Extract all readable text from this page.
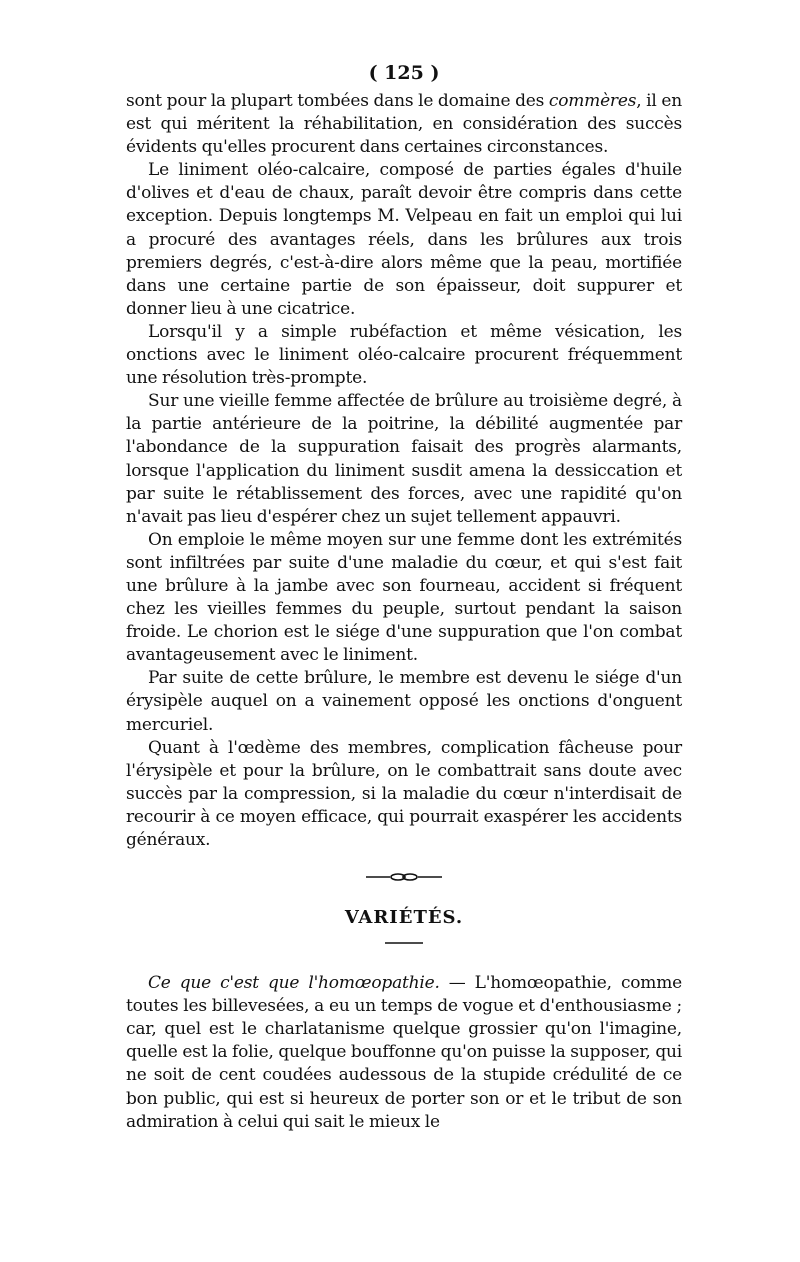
( 125 )

sont pour la plupart tombées dans le domaine des commères, il en est qui méritent la réhabilitation, en considération des succès évidents qu'elles procurent dans certaines circonstances.

Le liniment oléo-calcaire, composé de parties égales d'huile d'olives et d'eau de chaux, paraît devoir être compris dans cette exception. Depuis longtemps M. Velpeau en fait un emploi qui lui a procuré des avantages réels, dans les brûlures aux trois premiers degrés, c'est-à-dire alors même que la peau, mortifiée dans une certaine partie de son épaisseur, doit suppurer et donner lieu à une cicatrice.

Lorsqu'il y a simple rubéfaction et même vésication, les onctions avec le liniment oléo-calcaire procurent fréquemment une résolution très-prompte.

Sur une vieille femme affectée de brûlure au troisième degré, à la partie antérieure de la poitrine, la débilité augmentée par l'abondance de la suppuration faisait des progrès alarmants, lorsque l'application du liniment susdit amena la dessiccation et par suite le rétablissement des forces, avec une rapidité qu'on n'avait pas lieu d'espérer chez un sujet tellement appauvri.

On emploie le même moyen sur une femme dont les extrémités sont infiltrées par suite d'une maladie du cœur, et qui s'est fait une brûlure à la jambe avec son fourneau, accident si fréquent chez les vieilles femmes du peuple, surtout pendant la saison froide. Le chorion est le siége d'une suppuration que l'on combat avantageusement avec le liniment.

Par suite de cette brûlure, le membre est devenu le siége d'un érysipèle auquel on a vainement opposé les onctions d'onguent mercuriel.

Quant à l'œdème des membres, complication fâcheuse pour l'érysipèle et pour la brûlure, on le combattrait sans doute avec succès par la compression, si la maladie du cœur n'interdisait de recourir à ce moyen efficace, qui pourrait exaspérer les accidents généraux.

VARIÉTÉS.

Ce que c'est que l'homœopathie. — L'homœopathie, comme toutes les billevesées, a eu un temps de vogue et d'enthousiasme ; car, quel est le charlatanisme quelque grossier qu'on l'imagine, quelle est la folie, quelque bouffonne qu'on puisse la supposer, qui ne soit de cent coudées audessous de la stupide crédulité de ce bon public, qui est si heureux de porter son or et le tribut de son admiration à celui qui sait le mieux le
